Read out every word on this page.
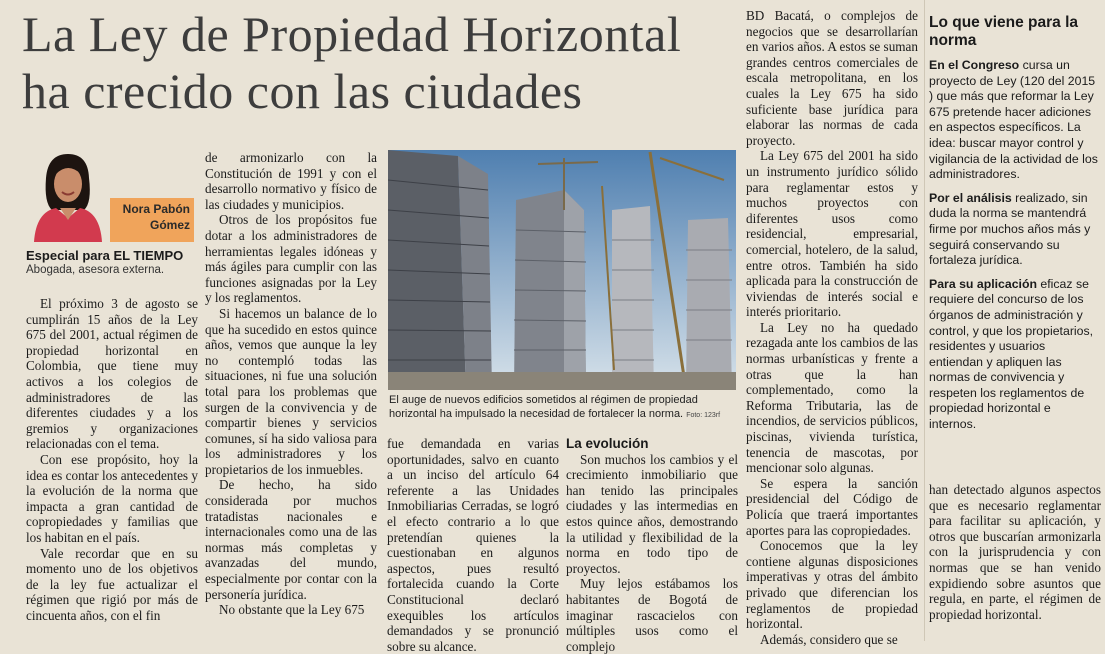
La Ley de Propiedad Horizontal
ha crecido con las ciudades
Nora Pabón
Gómez
Especial para EL TIEMPO
Abogada, asesora externa.

El próximo 3 de agosto se cumplirán 15 años de la Ley 675 del 2001, actual régimen de propiedad horizontal en Colombia, que tiene muy activos a los colegios de administradores de las diferentes ciudades y a los gremios y organizaciones relacionadas con el tema.

Con ese propósito, hoy la idea es contar los antecedentes y la evolución de la norma que impacta a gran cantidad de copropiedades y familias que los habitan en el país.

Vale recordar que en su momento uno de los objetivos de la ley fue actualizar el régimen que rigió por más de cincuenta años, con el fin

de armonizarlo con la Constitución de 1991 y con el desarrollo normativo y físico de las ciudades y municipios.

Otros de los propósitos fue dotar a los administradores de herramientas legales idóneas y más ágiles para cumplir con las funciones asignadas por la Ley y los reglamentos.

Si hacemos un balance de lo que ha sucedido en estos quince años, vemos que aunque la ley no contempló todas las situaciones, ni fue una solución total para los problemas que surgen de la convivencia y de compartir bienes y servicios comunes, sí ha sido valiosa para los administradores y los propietarios de los inmuebles.

De hecho, ha sido considerada por muchos tratadistas nacionales e internacionales como una de las normas más completas y avanzadas del mundo, especialmente por contar con la personería jurídica.

No obstante que la Ley 675

El auge de nuevos edificios sometidos al régimen de propiedad horizontal ha impulsado la necesidad de fortalecer la norma. Foto: 123rf

fue demandada en varias oportunidades, salvo en cuanto a un inciso del artículo 64 referente a las Unidades Inmobiliarias Cerradas, se logró el efecto contrario a lo que pretendían quienes la cuestionaban en algunos aspectos, pues resultó fortalecida cuando la Corte Constitucional declaró exequibles los artículos demandados y se pronunció sobre su alcance.

La evolución

Son muchos los cambios y el crecimiento inmobiliario que han tenido las principales ciudades y las intermedias en estos quince años, demostrando la utilidad y flexibilidad de la norma en todo tipo de proyectos.

Muy lejos estábamos los habitantes de Bogotá de imaginar rascacielos con múltiples usos como el complejo

BD Bacatá, o complejos de negocios que se desarrollarían en varios años. A estos se suman grandes centros comerciales de escala metropolitana, en los cuales la Ley 675 ha sido suficiente base jurídica para elaborar las normas de cada proyecto.

La Ley 675 del 2001 ha sido un instrumento jurídico sólido para reglamentar estos y muchos proyectos con diferentes usos como residencial, empresarial, comercial, hotelero, de la salud, entre otros. También ha sido aplicada para la construcción de viviendas de interés social e interés prioritario.

La Ley no ha quedado rezagada ante los cambios de las normas urbanísticas y frente a otras que la han complementado, como la Reforma Tributaria, las de incendios, de servicios públicos, piscinas, vivienda turística, tenencia de mascotas, por mencionar solo algunas.

Se espera la sanción presidencial del Código de Policía que traerá importantes aportes para las copropiedades.

Conocemos que la ley contiene algunas disposiciones imperativas y otras del ámbito privado que diferencian los reglamentos de propiedad horizontal.

Además, considero que se

Lo que viene para la norma

En el Congreso cursa un proyecto de Ley (120 del 2015 ) que más que reformar la Ley 675 pretende hacer adiciones en aspectos específicos. La idea: buscar mayor control y vigilancia de la actividad de los administradores.

Por el análisis realizado, sin duda la norma se mantendrá firme por muchos años más y seguirá conservando su fortaleza jurídica.

Para su aplicación eficaz se requiere del concurso de los órganos de administración y control, y que los propietarios, residentes y usuarios entiendan y apliquen las normas de convivencia y respeten los reglamentos de propiedad horizontal e internos.

han detectado algunos aspectos que es necesario reglamentar para facilitar su aplicación, y otros que buscarían armonizarla con la jurisprudencia y con normas que se han venido expidiendo sobre asuntos que regula, en parte, el régimen de propiedad horizontal.
